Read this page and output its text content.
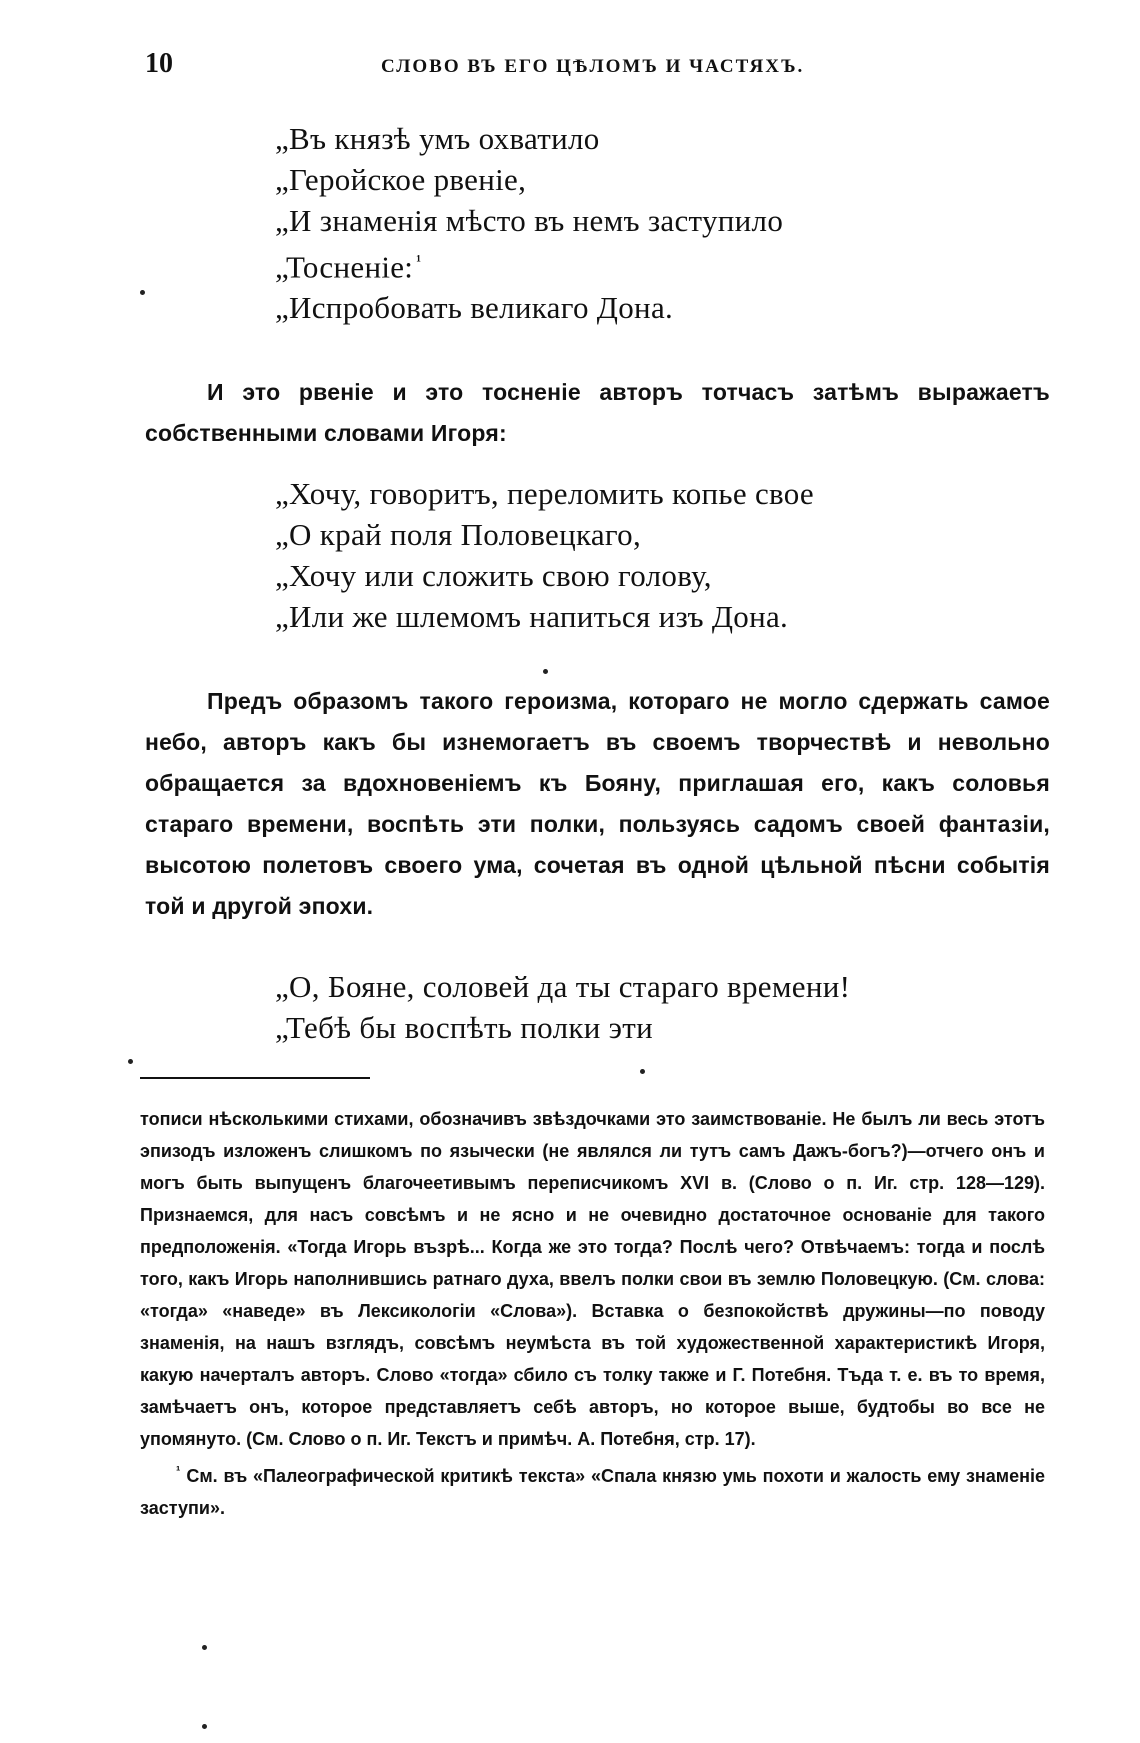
10	СЛОВО ВЪ ЕГО ЦѢЛОМЪ И ЧАСТЯХЪ.
„Въ князѣ умъ охватило
„Геройское рвеніе,
„И знаменія мѣсто въ немъ заступило
„Тосненіе: $^{^1}$
„Испробовать великаго Дона.

И это рвеніе и это тосненіе авторъ тотчасъ затѣмъ выражаетъ собственными словами Игоря:

„Хочу, говоритъ, переломить копье свое
„О край поля Половецкаго,
„Хочу или сложить свою голову,
„Или же шлемомъ напиться изъ Дона.

Предъ образомъ такого героизма, котораго не могло сдержать самое небо, авторъ какъ бы изнемогаетъ въ своемъ творчествѣ и невольно обращается за вдохновеніемъ къ Бояну, приглашая его, какъ соловья стараго времени, воспѣть эти полки, пользуясь садомъ своей фантазіи, высотою полетовъ своего ума, сочетая въ одной цѣльной пѣсни событія той и другой эпохи.

„О, Бояне, соловей да ты стараго времени!
„Тебѣ бы воспѣть полки эти

тописи нѣсколькими стихами, обозначивъ звѣздочками это заимствованіе. Не былъ ли весь этотъ эпизодъ изложенъ слишкомъ по язычески (не являлся ли тутъ самъ Дажъ-богъ?)—отчего онъ и могъ быть выпущенъ благочеетивымъ переписчикомъ XVI в. (Слово о п. Иг. стр. 128—129). Признаемся, для насъ совсѣмъ и не ясно и не очевидно достаточное основаніе для такого предположенія. «Тогда Игорь възрѣ... Когда же это тогда? Послѣ чего? Отвѣчаемъ: тогда и послѣ того, какъ Игорь наполнившись ратнаго духа, ввелъ полки свои въ землю Половецкую. (См. слова: «тогда» «наведе» въ Лексикологіи «Слова»). Вставка о безпокойствѣ дружины—по поводу знаменія, на нашъ взглядъ, совсѣмъ неумѣста въ той художественной характеристикѣ Игоря, какую начерталъ авторъ. Слово «тогда» сбило съ толку также и Г. Потебня. Тъда т. е. въ то время, замѣчаетъ онъ, которое представляетъ себѣ авторъ, но которое выше, будтобы во все не упомянуто. (См. Слово о п. Иг. Текстъ и примѣч. А. Потебня, стр. 17).

$^{^1}$ См. въ «Палеографической критикѣ текста» «Спала князю умь похоти и жалость ему знаменіе заступи».
